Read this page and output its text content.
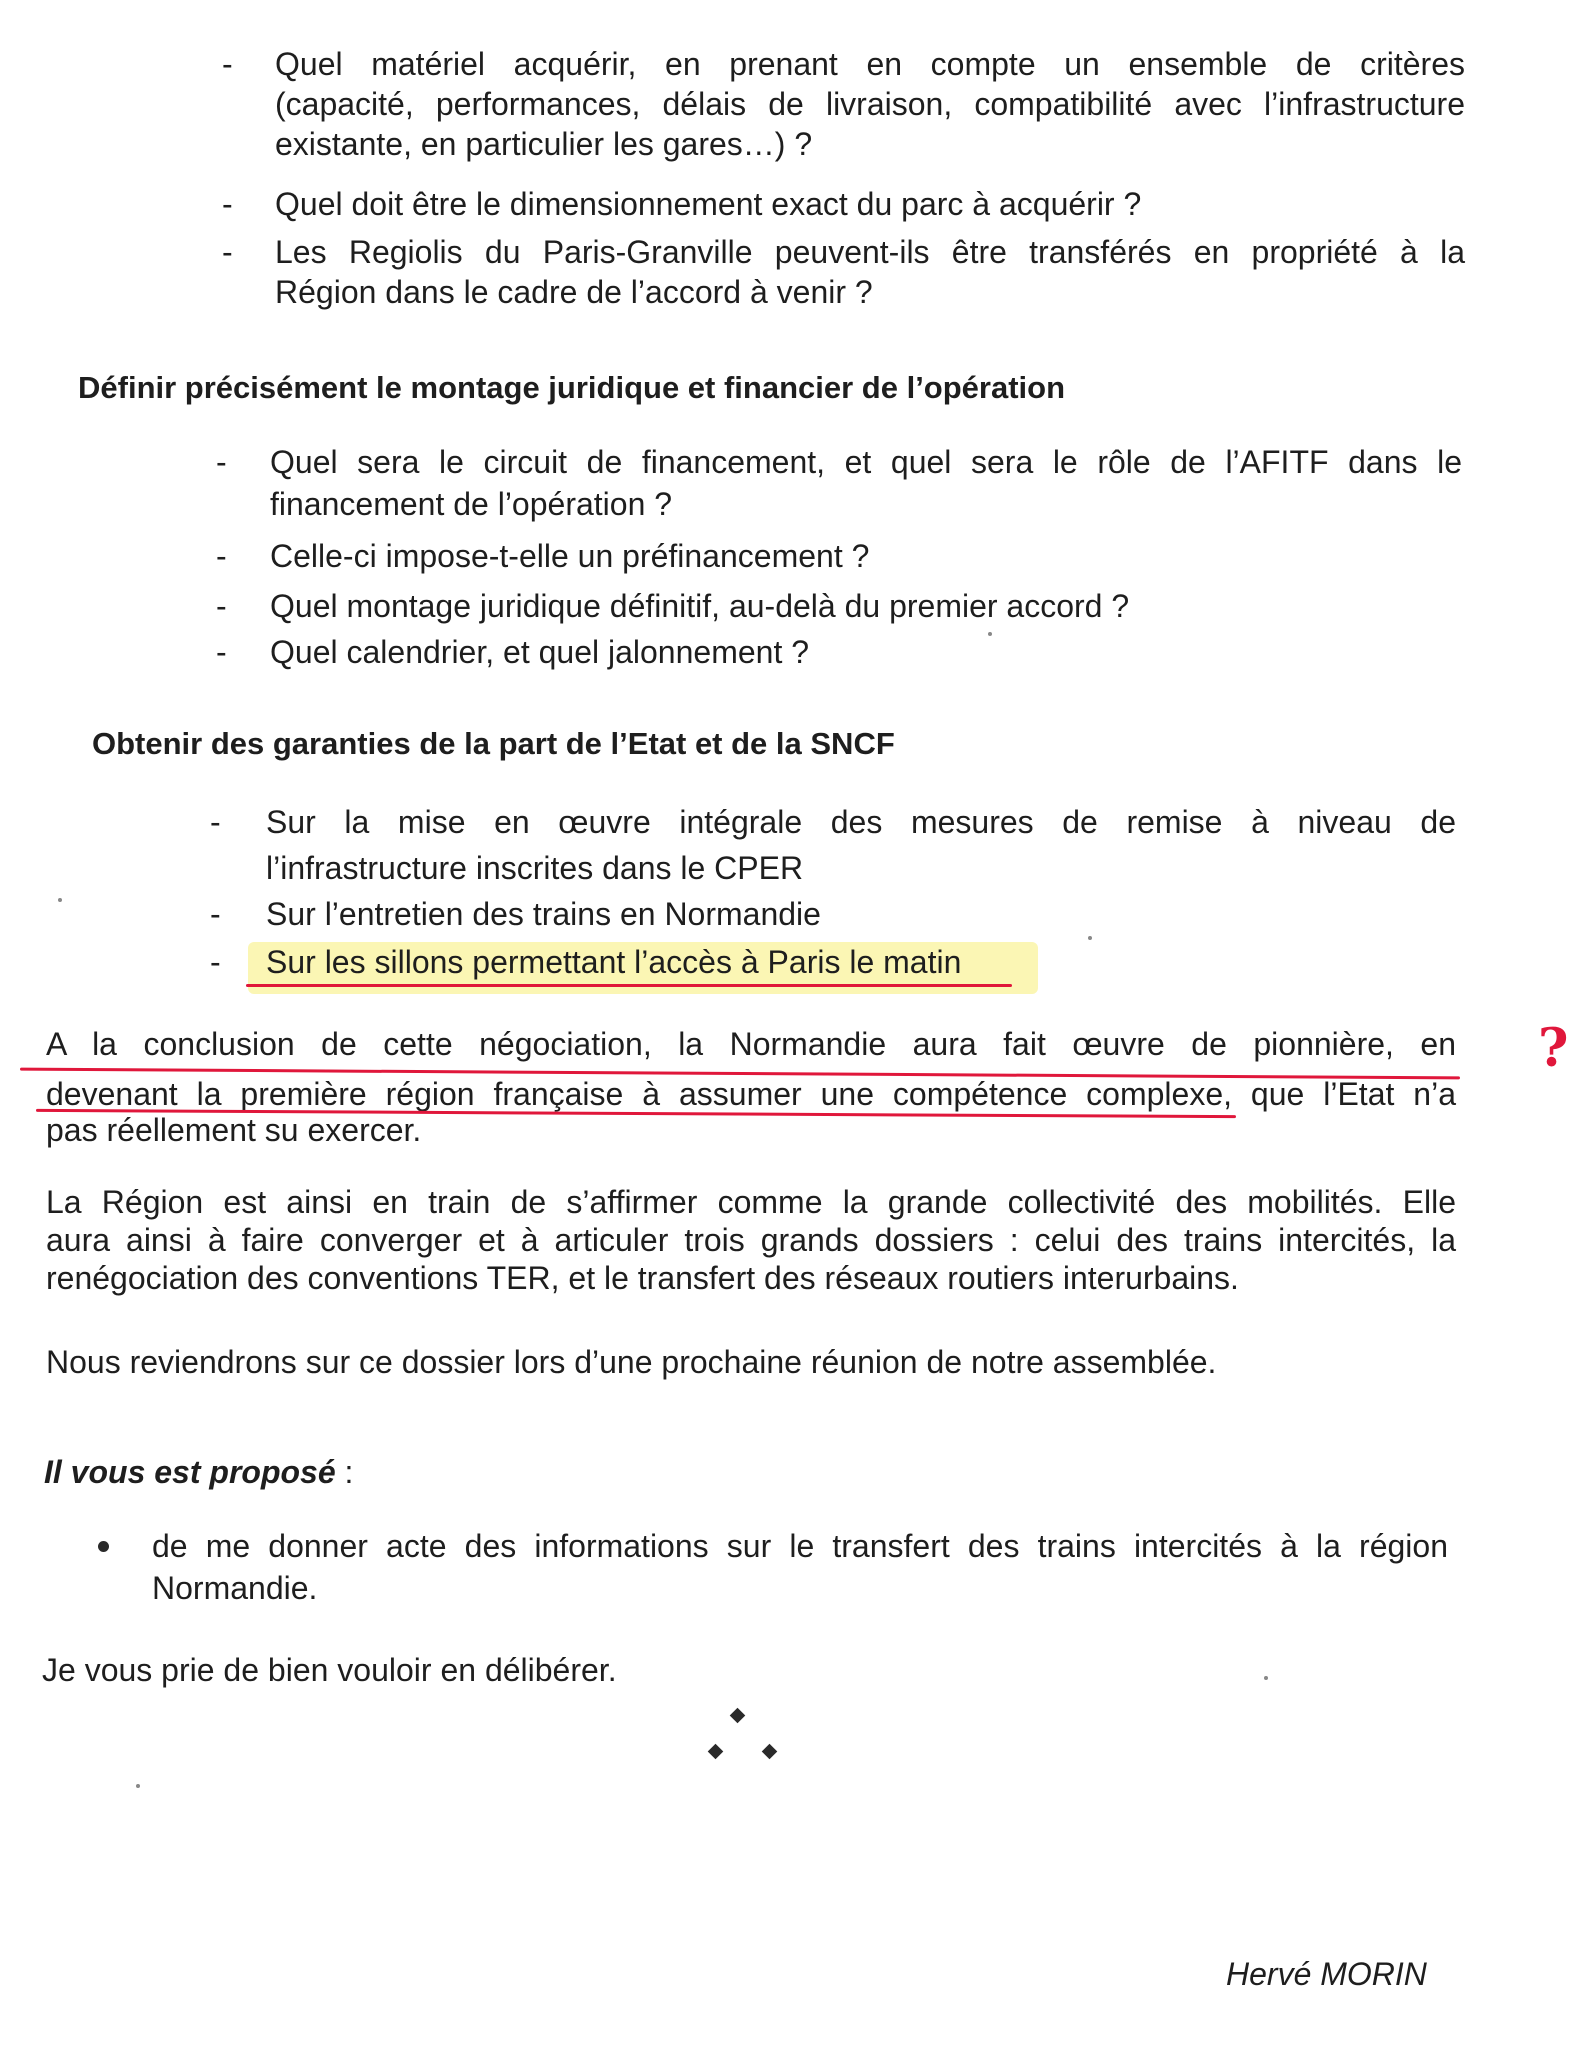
- Quel matériel acquérir, en prenant en compte un ensemble de critères
(capacité, performances, délais de livraison, compatibilité avec l’infrastructure
existante, en particulier les gares…) ?
- Quel doit être le dimensionnement exact du parc à acquérir ?
- Les Regiolis du Paris-Granville peuvent-ils être transférés en propriété à la
Région dans le cadre de l’accord à venir ?
Définir précisément le montage juridique et financier de l’opération
- Quel sera le circuit de financement, et quel sera le rôle de l’AFITF dans le
financement de l’opération ?
- Celle-ci impose-t-elle un préfinancement ?
- Quel montage juridique définitif, au-delà du premier accord ?
- Quel calendrier, et quel jalonnement ?
Obtenir des garanties de la part de l’Etat et de la SNCF
- Sur la mise en œuvre intégrale des mesures de remise à niveau de
l’infrastructure inscrites dans le CPER
- Sur l’entretien des trains en Normandie
- Sur les sillons permettant l’accès à Paris le matin
A la conclusion de cette négociation, la Normandie aura fait œuvre de pionnière, en
devenant la première région française à assumer une compétence complexe, que l’Etat n’a
pas réellement su exercer.
?
La Région est ainsi en train de s’affirmer comme la grande collectivité des mobilités. Elle
aura ainsi à faire converger et à articuler trois grands dossiers : celui des trains intercités, la
renégociation des conventions TER, et le transfert des réseaux routiers interurbains.
Nous reviendrons sur ce dossier lors d’une prochaine réunion de notre assemblée.
Il vous est proposé :
de me donner acte des informations sur le transfert des trains intercités à la région
Normandie.
Je vous prie de bien vouloir en délibérer.
Hervé MORIN
